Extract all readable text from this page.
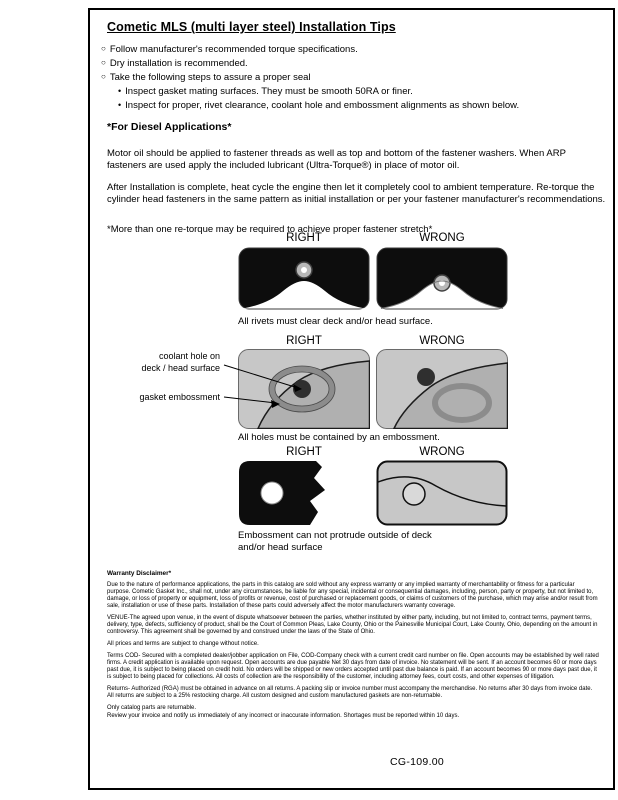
Cometic MLS (multi layer steel) Installation Tips
○ Follow manufacturer's recommended torque specifications.
○ Dry installation is recommended.
○ Take the following steps to assure a proper seal
• Inspect gasket mating surfaces. They must be smooth 50RA or finer.
• Inspect for proper, rivet clearance, coolant hole and embossment alignments as shown below.
*For Diesel Applications*

Motor oil should be applied to fastener threads as well as top and bottom of the fastener washers. When ARP fasteners are used apply the included lubricant (Ultra-Torque®) in place of motor oil.

After Installation is complete, heat cycle the engine then let it completely cool to ambient temperature. Re-torque the cylinder head fasteners in the same pattern as initial installation or per your fastener manufacturer's recommendations.

*More than one re-torque may be required to achieve proper fastener stretch*

RIGHT	WRONG
All rivets must clear deck and/or head surface.
RIGHT	WRONG
coolant hole on
deck / head surface
gasket embossment
All holes must be contained by an embossment.
RIGHT	WRONG
Embossment can not protrude outside of deck and/or head surface
Warranty Disclaimer*

Due to the nature of performance applications, the parts in this catalog are sold without any express warranty or any implied warranty of merchantability or fitness for a particular purpose. Cometic Gasket Inc., shall not, under any circumstances, be liable for any special, incidental or consequential damages, including, person, party or property, but not limited to, damage, or loss of property or equipment, loss of profits or revenue, cost of purchased or replacement goods, or claims of customers of the purchase, which may arise and/or result from sale, installation or use of these parts. Installation of these parts could adversely affect the motor manufacturers warranty coverage.

VENUE-The agreed upon venue, in the event of dispute whatsoever between the parties, whether instituted by either party, including, but not limited to, contract terms, payment terms, delivery, type, defects, sufficiency of product, shall be the Court of Common Pleas, Lake County, Ohio or the Painesville Municipal Court, Lake County, Ohio, depending on the amount in controversy. This agreement shall be governed by and construed under the laws of the State of Ohio.

All prices and terms are subject to change without notice.

Terms COD- Secured with a completed dealer/jobber application on File, COD-Company check with a current credit card number on file. Open accounts may be established by well rated firms. A credit application is available upon request. Open accounts are due payable Net 30 days from date of invoice. No statement will be sent. If an account becomes 60 or more days past due, it is subject to being placed on credit hold. No orders will be shipped or new orders accepted until past due balance is paid. If an account becomes 90 or more days past due, it is subject to being placed for collections. All costs of collection are the responsibility of the customer, including attorney fees, court costs, and other expenses of litigation.

Returns- Authorized (RGA) must be obtained in advance on all returns. A packing slip or invoice number must accompany the merchandise. No returns after 30 days from invoice date. All returns are subject to a 25% restocking charge. All custom designed and custom manufactured gaskets are non-returnable.

Only catalog parts are returnable.

Review your invoice and notify us immediately of any incorrect or inaccurate information. Shortages must be reported within 10 days.

CG-109.00
